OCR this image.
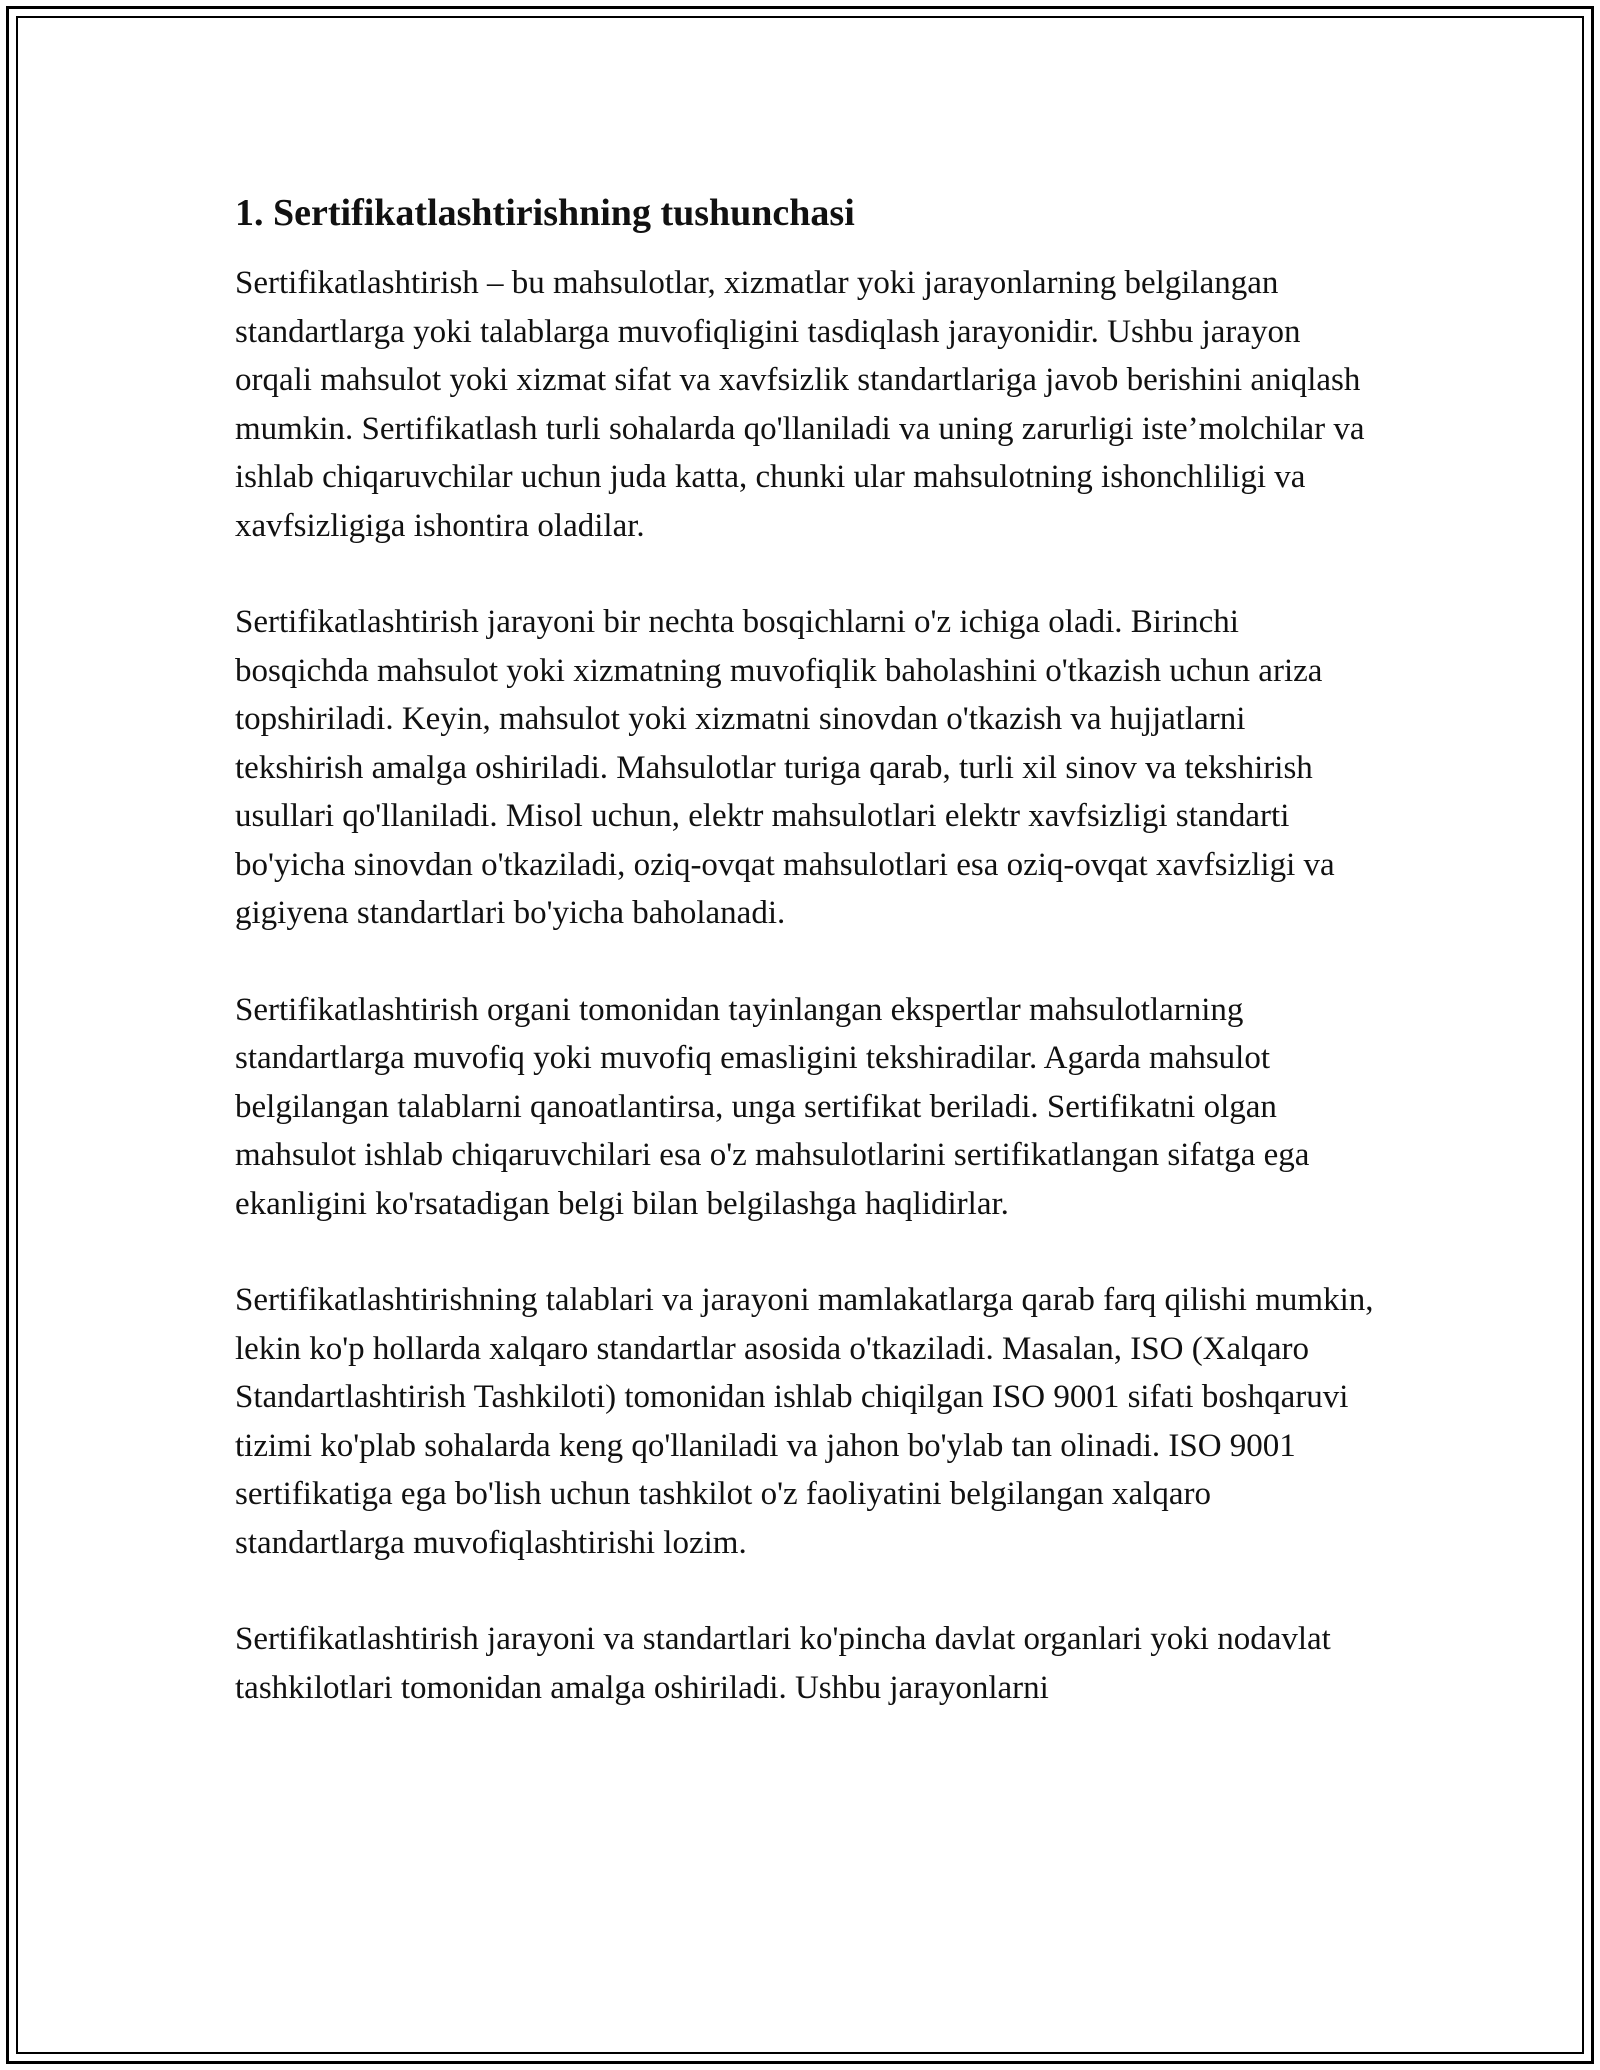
1. Sertifikatlashtirishning tushunchasi

Sertifikatlashtirish – bu mahsulotlar, xizmatlar yoki jarayonlarning belgilangan standartlarga yoki talablarga muvofiqligini tasdiqlash jarayonidir. Ushbu jarayon orqali mahsulot yoki xizmat sifat va xavfsizlik standartlariga javob berishini aniqlash mumkin. Sertifikatlash turli sohalarda qo'llaniladi va uning zarurligi iste’molchilar va ishlab chiqaruvchilar uchun juda katta, chunki ular mahsulotning ishonchliligi va xavfsizligiga ishontira oladilar.

Sertifikatlashtirish jarayoni bir nechta bosqichlarni o'z ichiga oladi. Birinchi bosqichda mahsulot yoki xizmatning muvofiqlik baholashini o'tkazish uchun ariza topshiriladi. Keyin, mahsulot yoki xizmatni sinovdan o'tkazish va hujjatlarni tekshirish amalga oshiriladi. Mahsulotlar turiga qarab, turli xil sinov va tekshirish usullari qo'llaniladi. Misol uchun, elektr mahsulotlari elektr xavfsizligi standarti bo'yicha sinovdan o'tkaziladi, oziq-ovqat mahsulotlari esa oziq-ovqat xavfsizligi va gigiyena standartlari bo'yicha baholanadi.

Sertifikatlashtirish organi tomonidan tayinlangan ekspertlar mahsulotlarning standartlarga muvofiq yoki muvofiq emasligini tekshiradilar. Agarda mahsulot belgilangan talablarni qanoatlantirsa, unga sertifikat beriladi. Sertifikatni olgan mahsulot ishlab chiqaruvchilari esa o'z mahsulotlarini sertifikatlangan sifatga ega ekanligini ko'rsatadigan belgi bilan belgilashga haqlidirlar.

Sertifikatlashtirishning talablari va jarayoni mamlakatlarga qarab farq qilishi mumkin, lekin ko'p hollarda xalqaro standartlar asosida o'tkaziladi. Masalan, ISO (Xalqaro Standartlashtirish Tashkiloti) tomonidan ishlab chiqilgan ISO 9001 sifati boshqaruvi tizimi ko'plab sohalarda keng qo'llaniladi va jahon bo'ylab tan olinadi. ISO 9001 sertifikatiga ega bo'lish uchun tashkilot o'z faoliyatini belgilangan xalqaro standartlarga muvofiqlashtirishi lozim.

Sertifikatlashtirish jarayoni va standartlari ko'pincha davlat organlari yoki nodavlat tashkilotlari tomonidan amalga oshiriladi. Ushbu jarayonlarni
